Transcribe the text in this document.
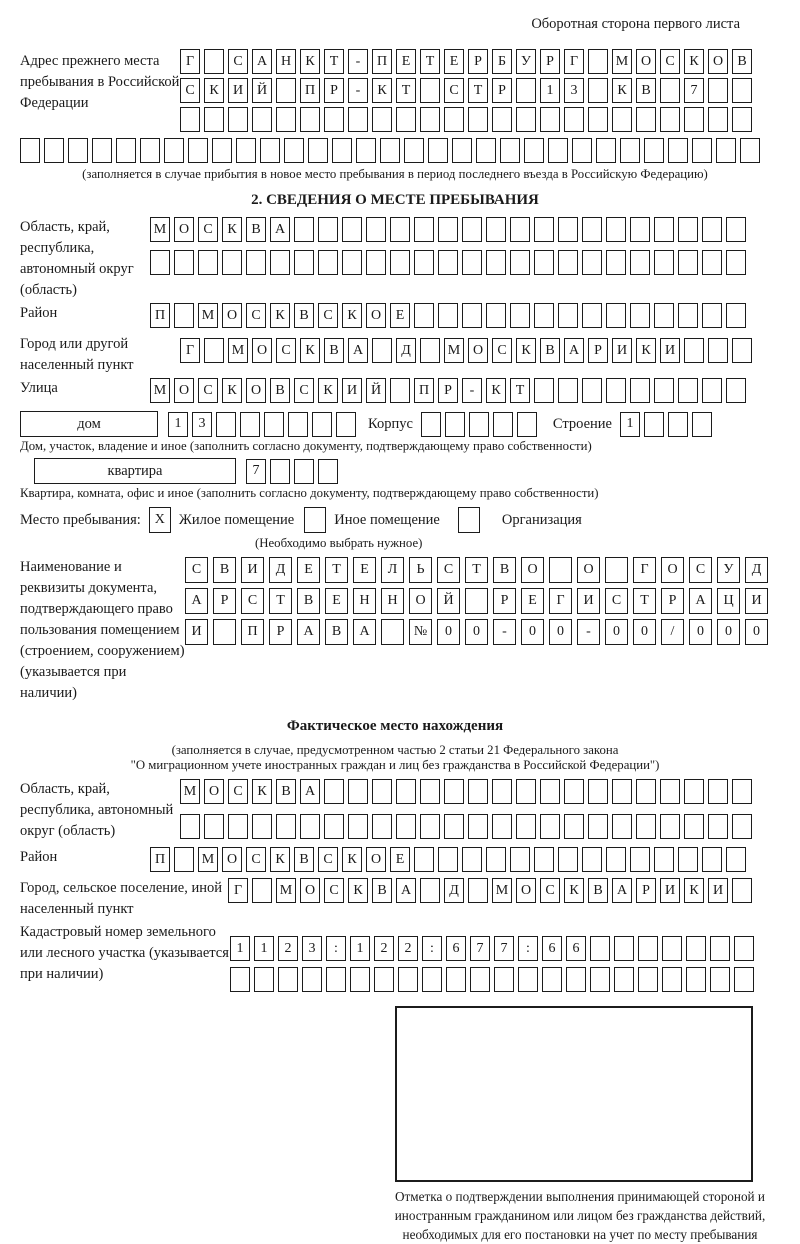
Оборотная сторона первого листа
Адрес прежнего места пребывания в Российской Федерации
Г	С	А Н	К	Т	-	П	Е	Т	Е	Р	Б	У	Р	Г	М О	С	К	О	В
С	К	И Й	П	Р	-	К	Т	С	Т	Р	1	3	К	В	7
(заполняется в случае прибытия в новое место пребывания в период последнего въезда в Российскую Федерацию)
2. СВЕДЕНИЯ О МЕСТЕ ПРЕБЫВАНИЯ
Область, край, республика, автономный округ (область)
М О	С	К	В	А
Район	П	М О	С	К	В	С	К	О	Е
Город или другой населенный пункт
Г	М О	С	К	В	А	Д	М О	С	К	В	А	Р	И	К	И
Улица	М О	С	К	О	В	С	К	И Й	П	Р	-	К	Т
дом	1	3	Корпус	Строение	1
Дом, участок, владение и иное (заполнить согласно документу, подтверждающему право собственности)
квартира	7
Квартира, комната, офис и иное (заполнить согласно документу, подтверждающему право собственности)
Место пребывания: X Жилое помещение	Иное помещение	Организация
(Необходимо выбрать нужное)
Наименование и реквизиты документа, подтверждающего право пользования помещением (строением, сооружением) (указывается при наличии)
С	В	И	Д	Е	Т	Е	Л	Ь	С	Т	В	О	О	Г	О	С	У	Д
А	Р	С	Т	В	Е	Н	Н	О	Й	Р	Е	Г	И	С	Т	Р	А	Ц	И
И	П	Р	А	В	А	№	0	0	-	0	0	-	0	0	/	0	0	0
Фактическое место нахождения
(заполняется в случае, предусмотренном частью 2 статьи 21 Федерального закона
"О миграционном учете иностранных граждан и лиц без гражданства в Российской Федерации")
Область, край, республика, автономный округ (область)
М О	С	К	В	А
Район	П	М О	С	К	В	С	К	О	Е
Город, сельское поселение, иной населенный пункт
Г	М О	С	К	В	А	Д	М О	С	К	В	А	Р	И	К	И
Кадастровый номер земельного или лесного участка (указывается при наличии)
1	1	2	3	:	1	2	2	:	6	7	7	:	6	6
Отметка о подтверждении выполнения принимающей стороной и иностранным гражданином или лицом без гражданства действий, необходимых для его постановки на учет по месту пребывания
